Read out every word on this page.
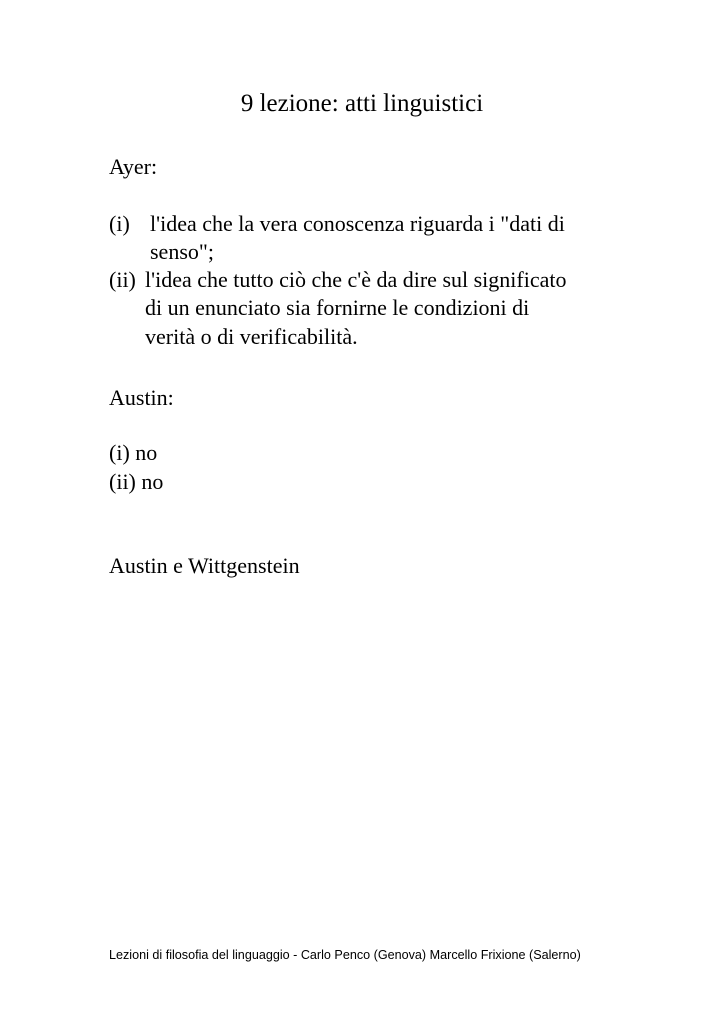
9 lezione: atti linguistici
Ayer:
(i) l'idea che la vera conoscenza riguarda i "dati di
senso";
(ii) l'idea che tutto ciò che c'è da dire sul significato
di un enunciato sia fornirne le condizioni di
verità o di verificabilità.
Austin:
(i) no
(ii) no
Austin e Wittgenstein
Lezioni di filosofia del linguaggio - Carlo Penco (Genova) Marcello Frixione (Salerno)
